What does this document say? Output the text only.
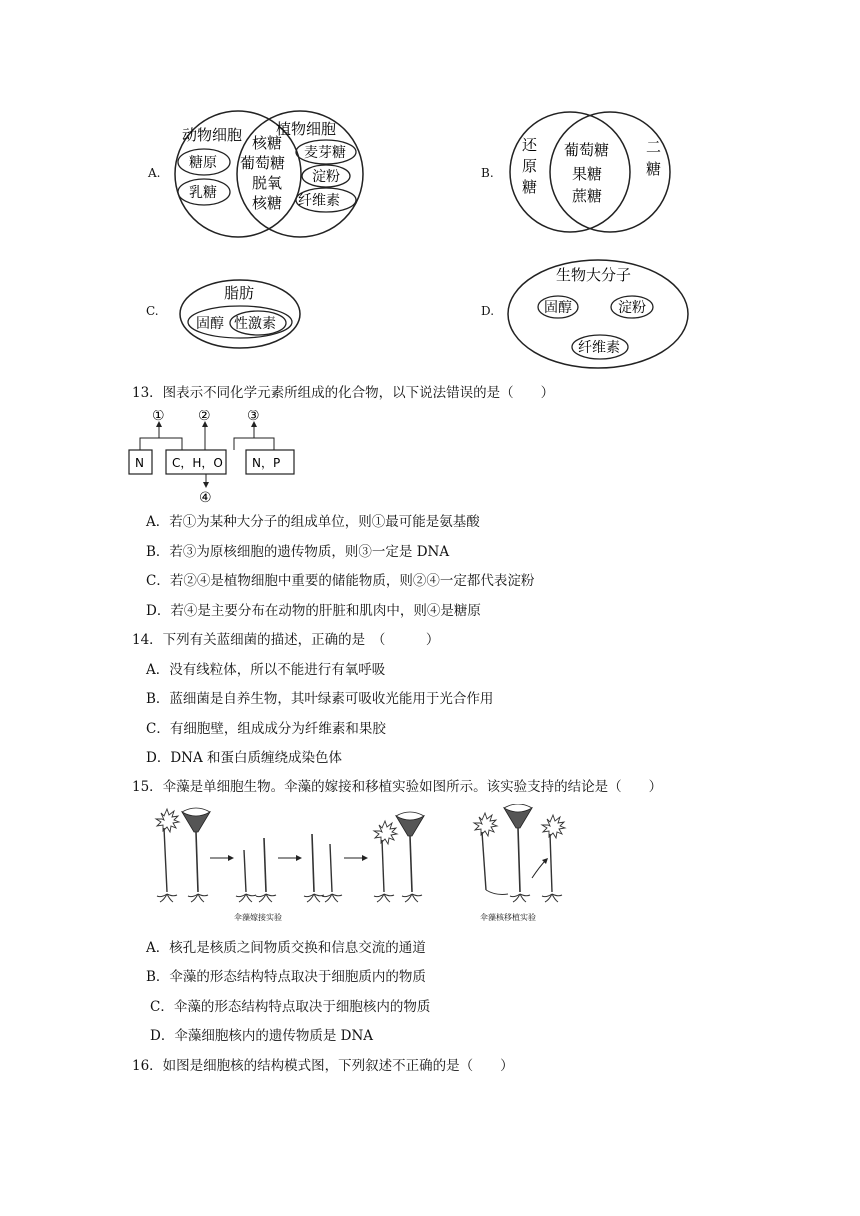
A.
动物细胞 植物细胞
糖原
乳糖
核糖
葡萄糖
脱氧
核糖
麦芽糖
淀粉
纤维素
B.
还
原
糖
葡萄糖
果糖
蔗糖
二
糖
C.
脂肪
固醇 性激素
D.
生物大分子
固醇	淀粉
纤维素
13．图表示不同化学元素所组成的化合物，以下说法错误的是（　　）
N C，H，O N，P
① ②	③
④
A．若①为某种大分子的组成单位，则①最可能是氨基酸
B．若③为原核细胞的遗传物质，则③一定是 DNA
C．若②④是植物细胞中重要的储能物质，则②④一定都代表淀粉
D．若④是主要分布在动物的肝脏和肌肉中，则④是糖原
14．下列有关蓝细菌的描述，正确的是　（　　　）
A．没有线粒体，所以不能进行有氧呼吸
B．蓝细菌是自养生物，其叶绿素可吸收光能用于光合作用
C．有细胞壁，组成成分为纤维素和果胶
D．DNA 和蛋白质缠绕成染色体
15．伞藻是单细胞生物。伞藻的嫁接和移植实验如图所示。该实验支持的结论是（　　）
伞藻嫁接实验	伞藻核移植实验
A．核孔是核质之间物质交换和信息交流的通道
B．伞藻的形态结构特点取决于细胞质内的物质
C．伞藻的形态结构特点取决于细胞核内的物质
D．伞藻细胞核内的遗传物质是 DNA
16．如图是细胞核的结构模式图，下列叙述不正确的是（　　）
